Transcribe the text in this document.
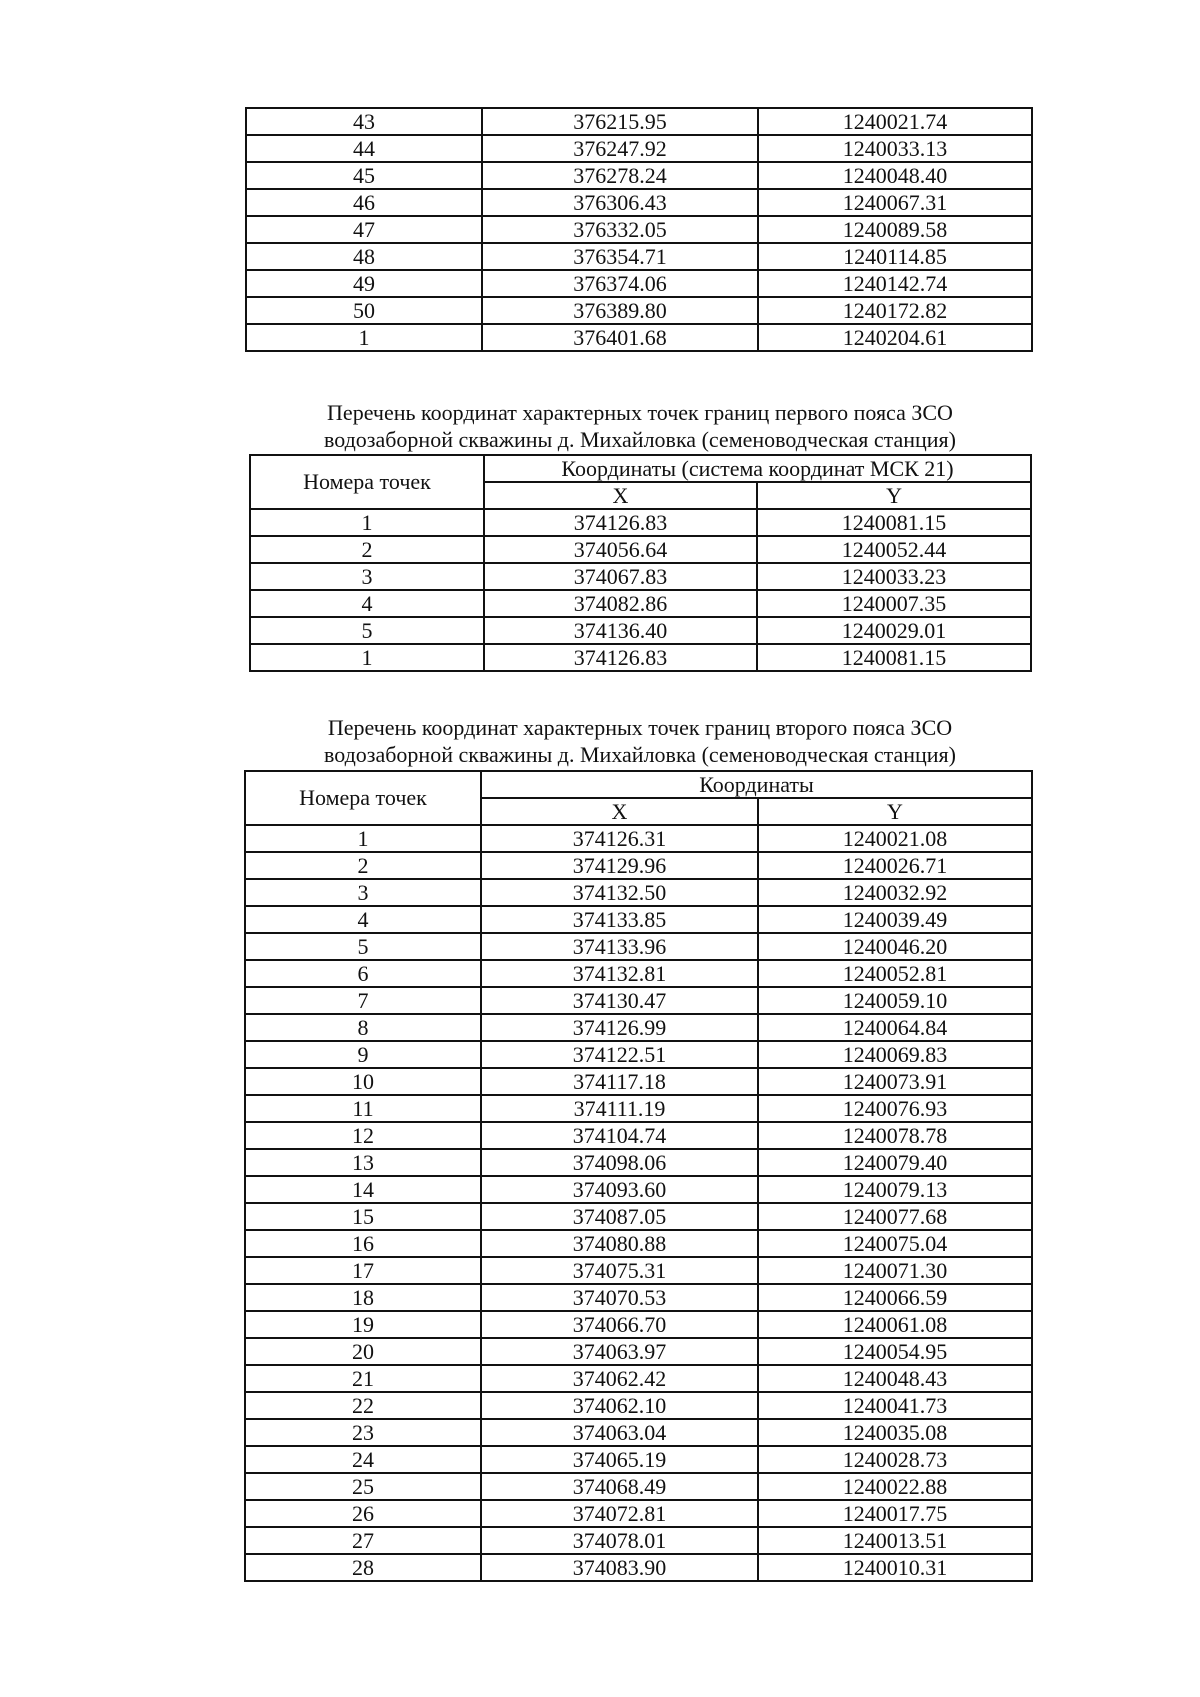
43	376215.95	1240021.74
44	376247.92	1240033.13
45	376278.24	1240048.40
46	376306.43	1240067.31
47	376332.05	1240089.58
48	376354.71	1240114.85
49	376374.06	1240142.74
50	376389.80	1240172.82
1	376401.68	1240204.61
Перечень координат характерных точек границ первого пояса ЗСО
водозаборной скважины д. Михайловка (семеноводческая станция)
Номера точек	Координаты (система координат МСК 21)	
	X	Y
1	374126.83	1240081.15
2	374056.64	1240052.44
3	374067.83	1240033.23
4	374082.86	1240007.35
5	374136.40	1240029.01
1	374126.83	1240081.15
Перечень координат характерных точек границ второго пояса ЗСО
водозаборной скважины д. Михайловка (семеноводческая станция)
Номера точек	Координаты	
	X	Y
1	374126.31	1240021.08
2	374129.96	1240026.71
3	374132.50	1240032.92
4	374133.85	1240039.49
5	374133.96	1240046.20
6	374132.81	1240052.81
7	374130.47	1240059.10
8	374126.99	1240064.84
9	374122.51	1240069.83
10	374117.18	1240073.91
11	374111.19	1240076.93
12	374104.74	1240078.78
13	374098.06	1240079.40
14	374093.60	1240079.13
15	374087.05	1240077.68
16	374080.88	1240075.04
17	374075.31	1240071.30
18	374070.53	1240066.59
19	374066.70	1240061.08
20	374063.97	1240054.95
21	374062.42	1240048.43
22	374062.10	1240041.73
23	374063.04	1240035.08
24	374065.19	1240028.73
25	374068.49	1240022.88
26	374072.81	1240017.75
27	374078.01	1240013.51
28	374083.90	1240010.31
